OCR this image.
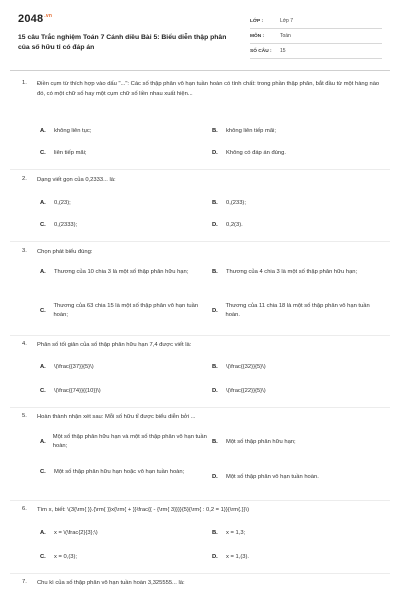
$2048^{.vn}$
15 câu Trắc nghiệm Toán 7 Cánh diều Bài 5: Biểu diễn thập phân của số hữu tỉ có đáp án
LỚP :	Lớp 7
MÔN :	Toán
SỐ CÂU :	15
1.	Điền cụm từ thích hợp vào dấu "...": Các số thập phân vô hạn tuần hoàn có tính chất: trong phần thập phân, bắt đầu từ một hàng nào đó, có một chữ số hay một cụm chữ số liền nhau xuất hiện...
A.	không liên tục;	B.	không liên tiếp mãi;
C.	liên tiếp mãi;	D.	Không có đáp án đúng.
2.	Dạng viết gọn của 0,2333... là:
A.	0,(23);	B.	0,(233);
C.	0,(2333);	D.	0,2(3).
3.	Chọn phát biểu đúng:
A.	Thương của 10 chia 3 là một số thập phân hữu hạn;	B.	Thương của 4 chia 3 là một số thập phân hữu hạn;
C.
Thương của 63 chia 15 là một số thập phân vô hạn tuần hoàn;
D.
Thương của 11 chia 18 là một số thập phân vô hạn tuần hoàn.
4.	Phân số tối giản của số thập phân hữu hạn 7,4 được viết là:
A.	\(\frac{{37}}{5}\)	B.	\(\frac{{32}}{5}\)
C.	\(\frac{{74}}{{10}}\)	D.	\(\frac{{22}}{5}\)
5.	Hoàn thành nhận xét sau: Mỗi số hữu tỉ được biểu diễn bởi ...
A.
Một số thập phân hữu hạn và một số thập phân vô hạn tuần hoàn;
B.	Một số thập phân hữu hạn;
C.	Một số thập phân hữu hạn hoặc vô hạn tuần hoàn;
D.	Một số thập phân vô hạn tuần hoàn.
6.	Tìm x, biết: \(3{\rm{ }}.{\rm{ }}x{\rm{ + }}\frac{{ - {\rm{ 3}}}}{5}{\rm{ : 0,2 = 1}}{\rm{.}}\)
A.	x = \(\frac{2}{3};\)	B.	x = 1,3;
C.	x = 0,(3);	D.	x = 1,(3).
7.	Chu kì của số thập phân vô hạn tuần hoàn 3,325555... là:
